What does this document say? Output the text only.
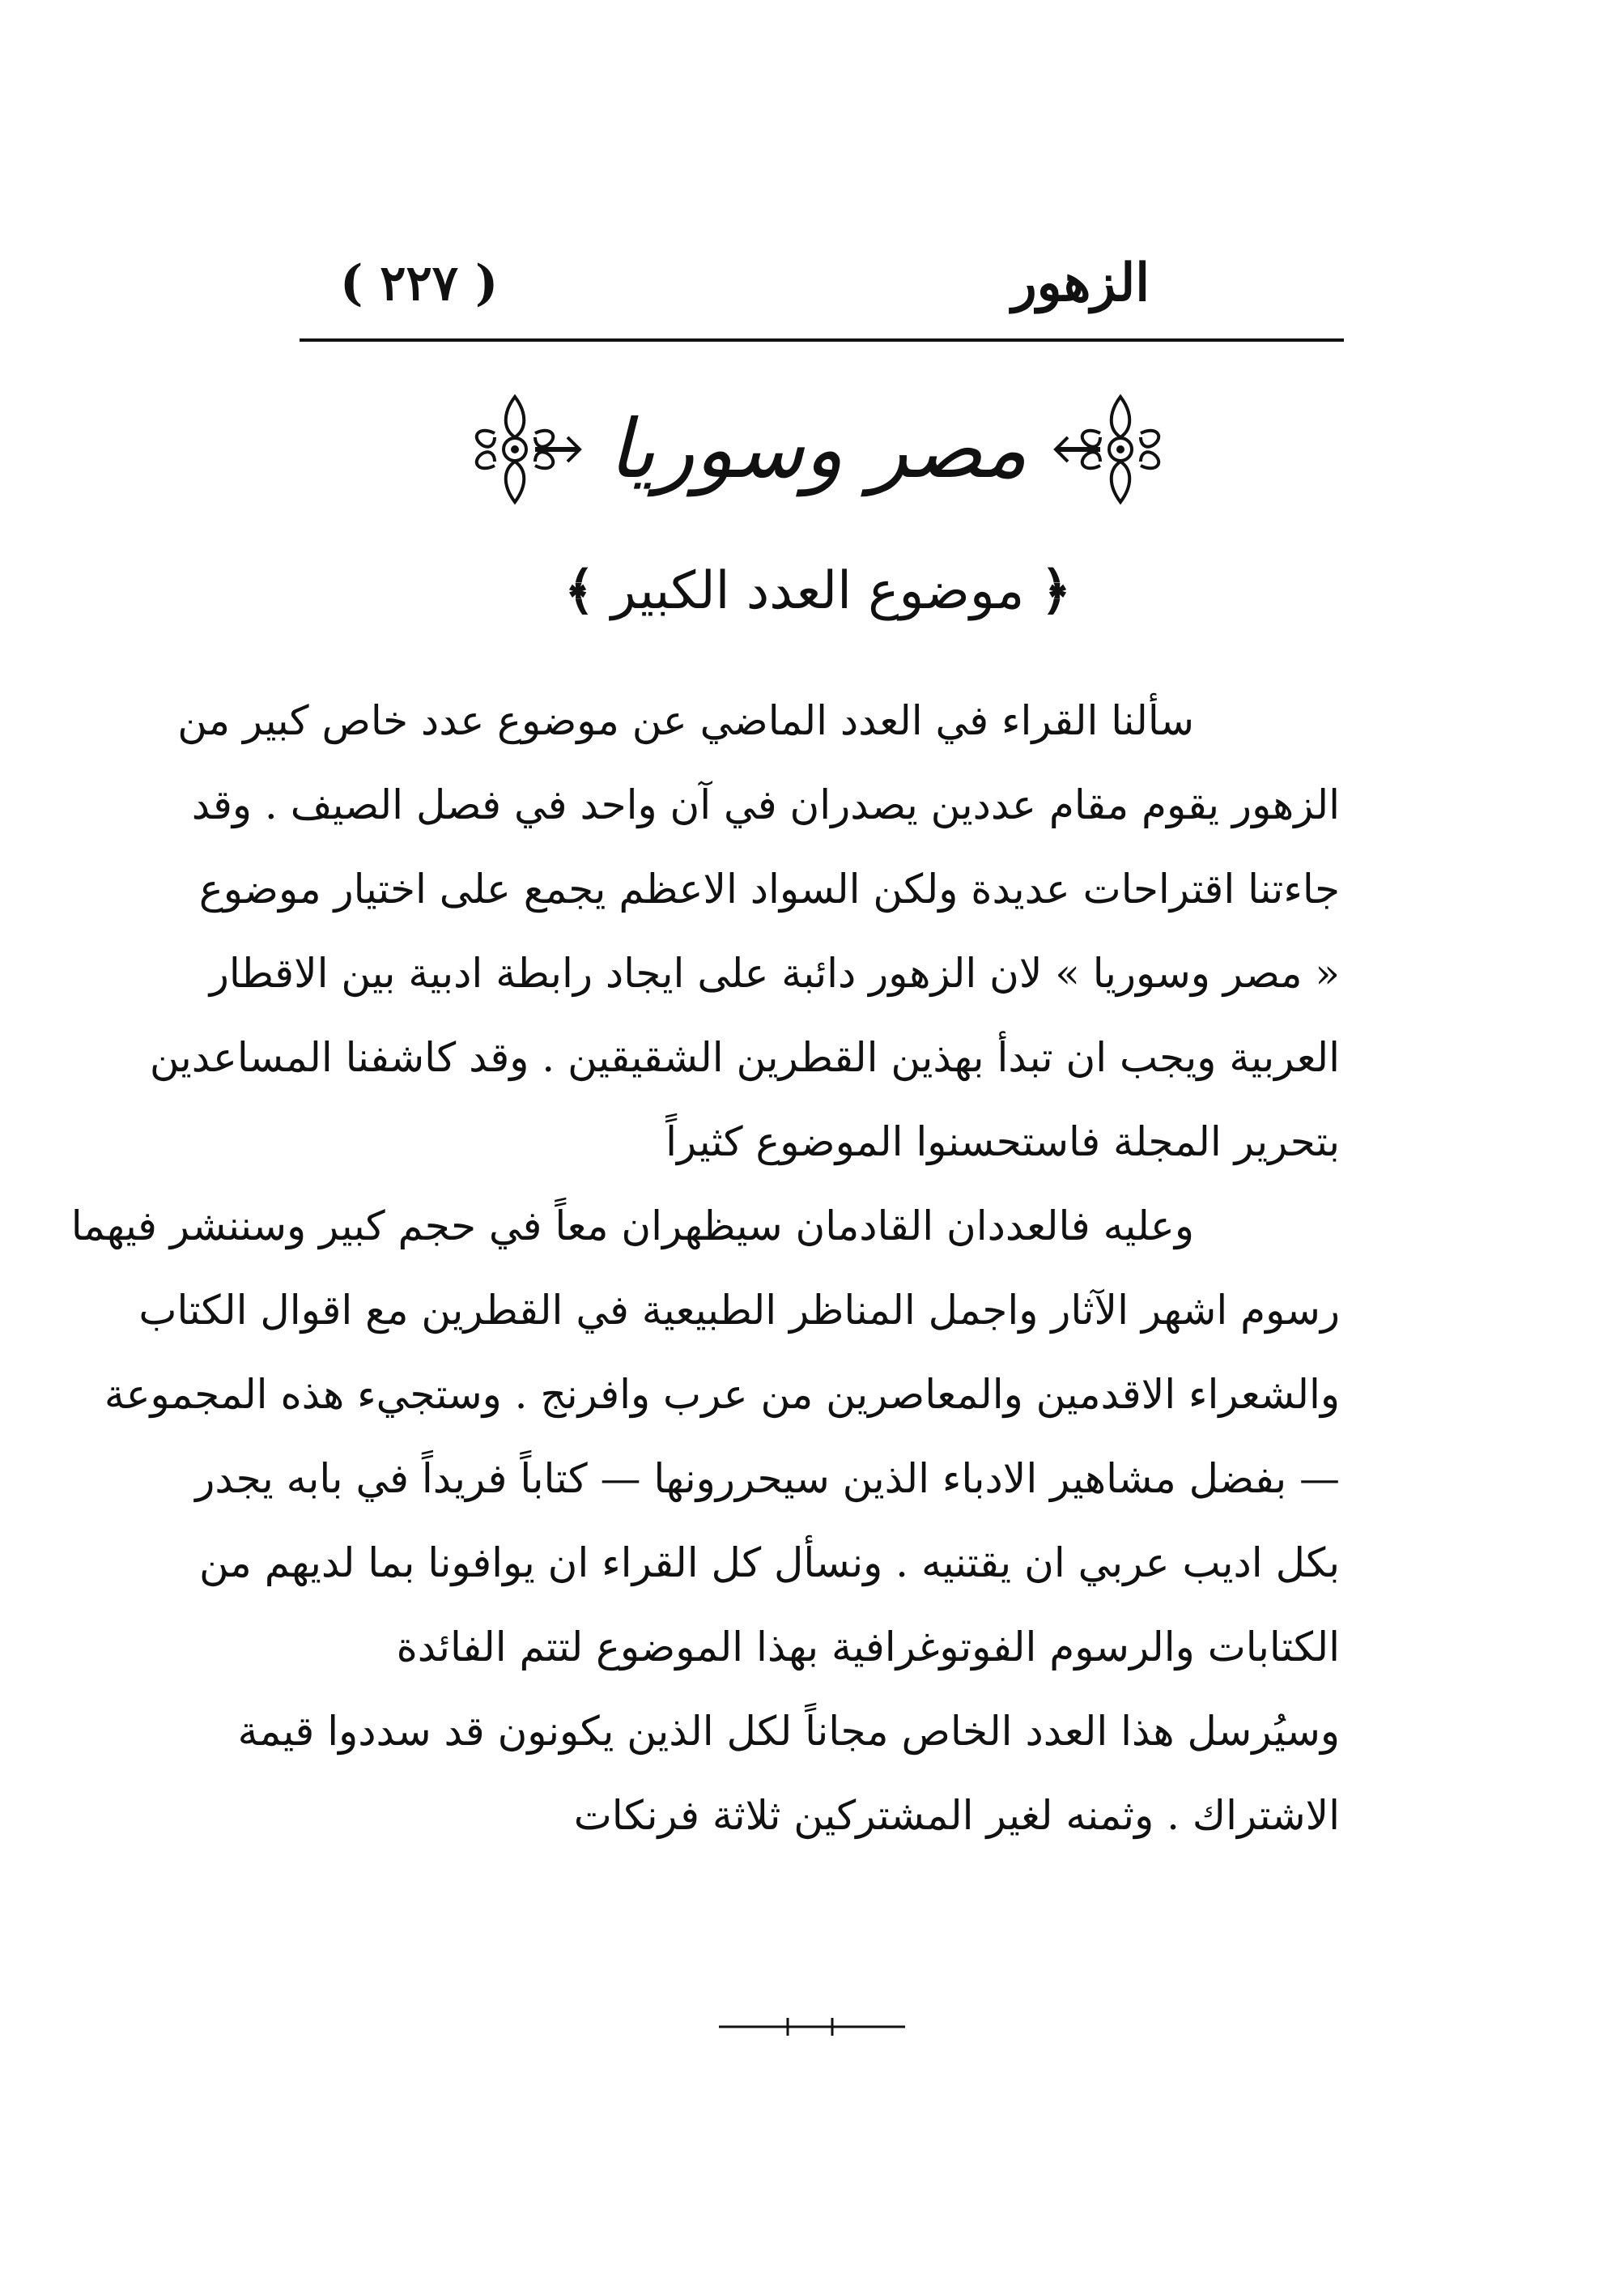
الزهور
( ٢٢٧ )
مصر وسوريا
﴿ موضوع العدد الكبير ﴾
سألنا القراء في العدد الماضي عن موضوع عدد خاص كبير من
الزهور يقوم مقام عددين يصدران في آن واحد في فصل الصيف . وقد
جاءتنا اقتراحات عديدة ولكن السواد الاعظم يجمع على اختيار موضوع
« مصر وسوريا » لان الزهور دائبة على ايجاد رابطة ادبية بين الاقطار
العربية ويجب ان تبدأ بهذين القطرين الشقيقين . وقد كاشفنا المساعدين
بتحرير المجلة فاستحسنوا الموضوع كثيراً
وعليه فالعددان القادمان سيظهران معاً في حجم كبير وسننشر فيهما
رسوم اشهر الآثار واجمل المناظر الطبيعية في القطرين مع اقوال الكتاب
والشعراء الاقدمين والمعاصرين من عرب وافرنج . وستجيء هذه المجموعة
— بفضل مشاهير الادباء الذين سيحررونها — كتاباً فريداً في بابه يجدر
بكل اديب عربي ان يقتنيه . ونسأل كل القراء ان يوافونا بما لديهم من
الكتابات والرسوم الفوتوغرافية بهذا الموضوع لتتم الفائدة
وسيُرسل هذا العدد الخاص مجاناً لكل الذين يكونون قد سددوا قيمة
الاشتراك . وثمنه لغير المشتركين ثلاثة فرنكات
